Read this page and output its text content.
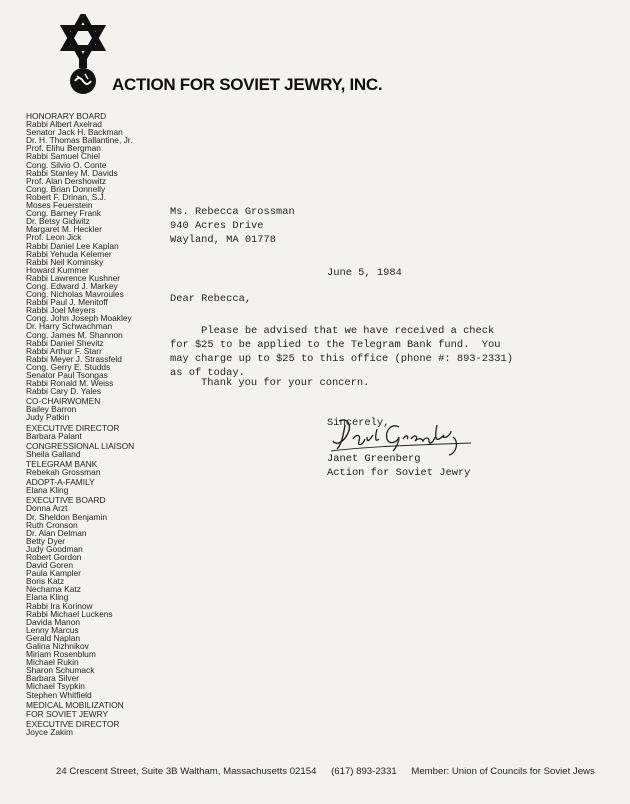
ACTION FOR SOVIET JEWRY, INC.
HONORARY BOARD
Rabbi Albert Axelrad
Senator Jack H. Backman
Dr. H. Thomas Ballantine, Jr.
Prof. Elihu Bergman
Rabbi Samuel Chiel
Cong. Silvio O. Conte
Rabbi Stanley M. Davids
Prof. Alan Dershowitz
Cong. Brian Donnelly
Robert F. Drinan, S.J.
Moses Feuerstein
Cong. Barney Frank
Dr. Betsy Gidwitz
Margaret M. Heckler
Prof. Leon Jick
Rabbi Daniel Lee Kaplan
Rabbi Yehuda Kelemer
Rabbi Neil Kominsky
Howard Kummer
Rabbi Lawrence Kushner
Cong. Edward J. Markey
Cong. Nicholas Mavroules
Rabbi Paul J. Menitoff
Rabbi Joel Meyers
Cong. John Joseph Moakley
Dr. Harry Schwachman
Cong. James M. Shannon
Rabbi Daniel Shevitz
Rabbi Arthur F. Starr
Rabbi Meyer J. Strassfeld
Cong. Gerry E. Studds
Senator Paul Tsongas
Rabbi Ronald M. Weiss
Rabbi Cary D. Yales
CO-CHAIRWOMEN
Bailey Barron
Judy Patkin
EXECUTIVE DIRECTOR
Barbara Palant
CONGRESSIONAL LIAISON
Sheila Galland
TELEGRAM BANK
Rebekah Grossman
ADOPT-A-FAMILY
Elana Kling
EXECUTIVE BOARD
Donna Arzt
Dr. Sheldon Benjamin
Ruth Cronson
Dr. Alan Delman
Betty Dyer
Judy Goodman
Robert Gordon
David Goren
Paula Kampler
Boris Katz
Nechama Katz
Elana Kling
Rabbi Ira Korinow
Rabbi Michael Luckens
Davida Manon
Lenny Marcus
Gerald Naplan
Galina Nizhnikov
Miriam Rosenblum
Michael Rukin
Sharon Schumack
Barbara Silver
Michael Tsypkin
Stephen Whitfield
MEDICAL MOBILIZATION
FOR SOVIET JEWRY
EXECUTIVE DIRECTOR
Joyce Zakim
Ms. Rebecca Grossman
940 Acres Drive
Wayland, MA 01778
June 5, 1984
Dear Rebecca,
Please be advised that we have received a check
for $25 to be applied to the Telegram Bank fund.  You
may charge up to $25 to this office (phone #: 893-2331)
as of today.
Thank you for your concern.
Sincerely,
Janet Greenberg
Action for Soviet Jewry
24 Crescent Street, Suite 3B Waltham, Massachusetts 02154 (617) 893-2331 Member: Union of Councils for Soviet Jews
